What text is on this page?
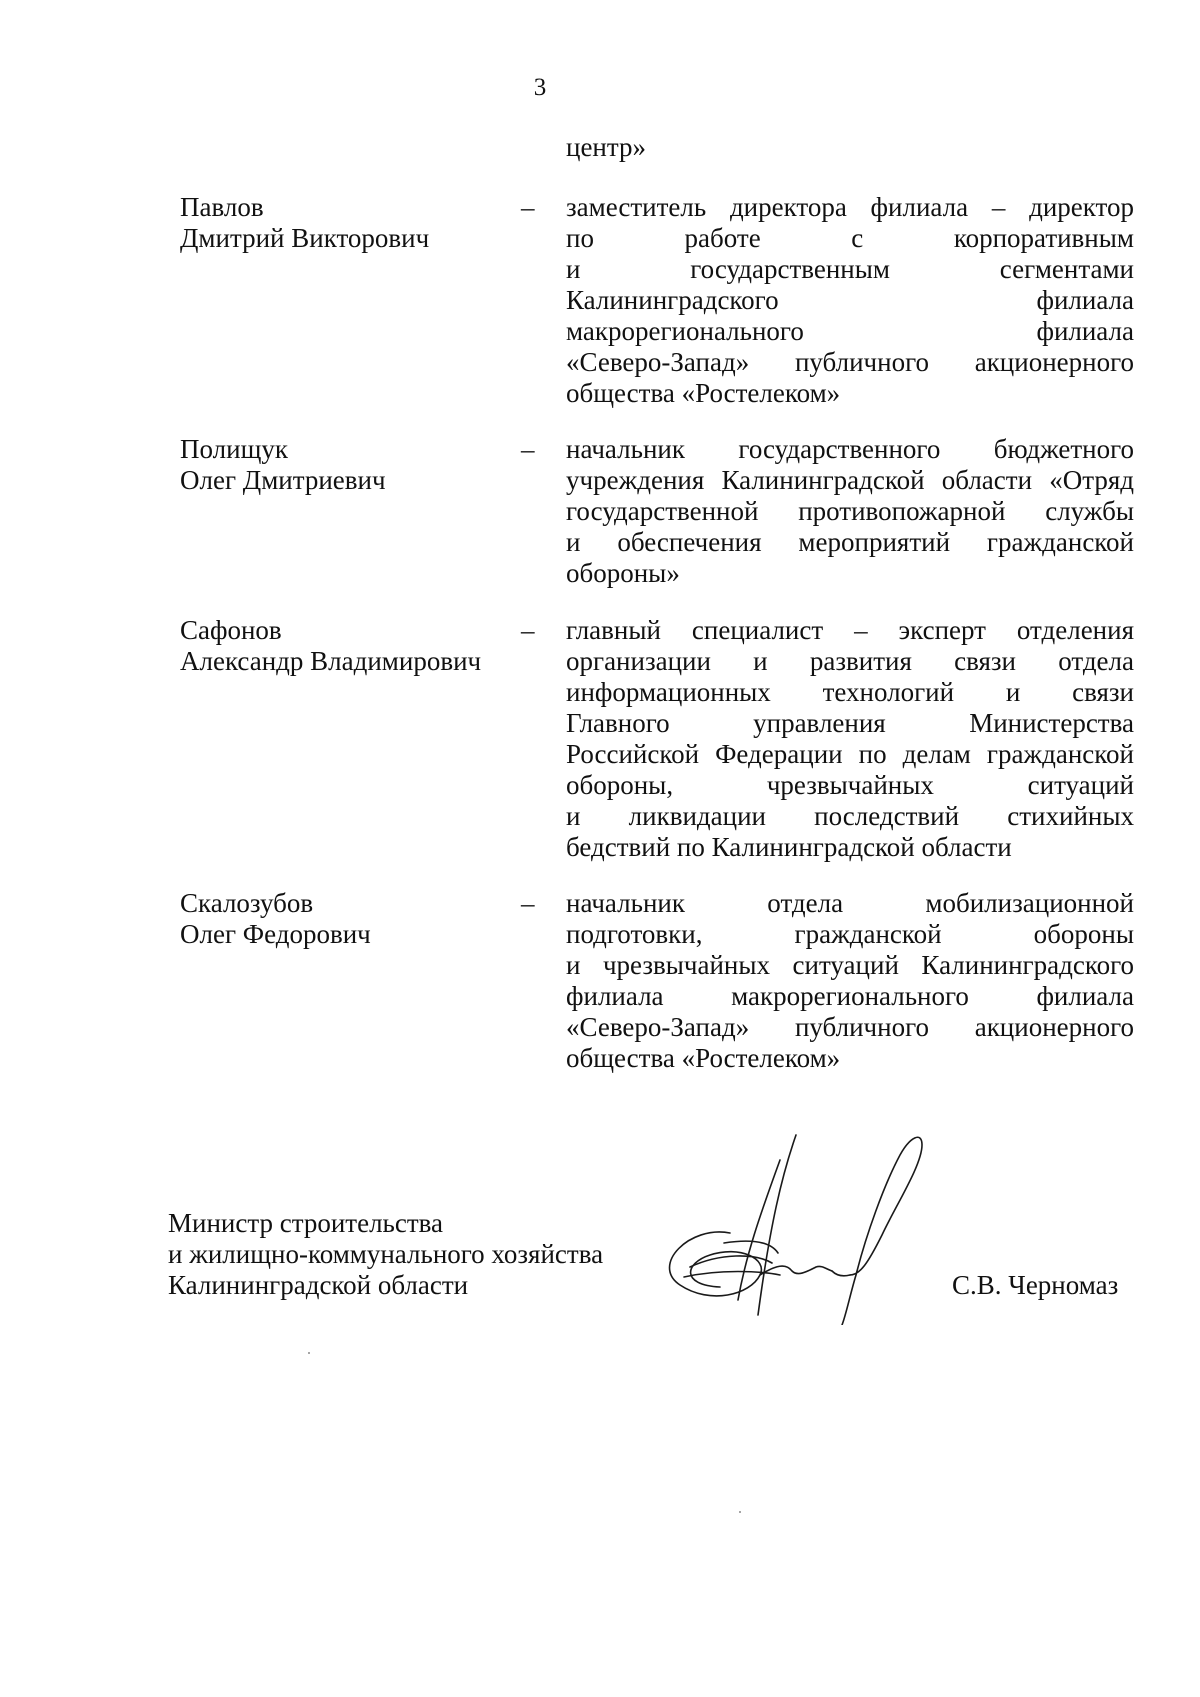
3
центр»
Павлов
Дмитрий Викторович
– заместитель директора филиала – директор
по работе с корпоративным
и государственным сегментами
Калининградского филиала
макрорегионального филиала
«Северо-Запад» публичного акционерного
общества «Ростелеком»
Полищук
Олег Дмитриевич
– начальник государственного бюджетного
учреждения Калининградской области «Отряд
государственной противопожарной службы
и обеспечения мероприятий гражданской
обороны»
Сафонов
Александр Владимирович
– главный специалист – эксперт отделения
организации и развития связи отдела
информационных технологий и связи
Главного управления Министерства
Российской Федерации по делам гражданской
обороны, чрезвычайных ситуаций
и ликвидации последствий стихийных
бедствий по Калининградской области
Скалозубов
Олег Федорович
– начальник отдела мобилизационной
подготовки, гражданской обороны
и чрезвычайных ситуаций Калининградского
филиала макрорегионального филиала
«Северо-Запад» публичного акционерного
общества «Ростелеком»
Министр строительства
и жилищно-коммунального хозяйства
Калининградской области	С.В. Черномаз
